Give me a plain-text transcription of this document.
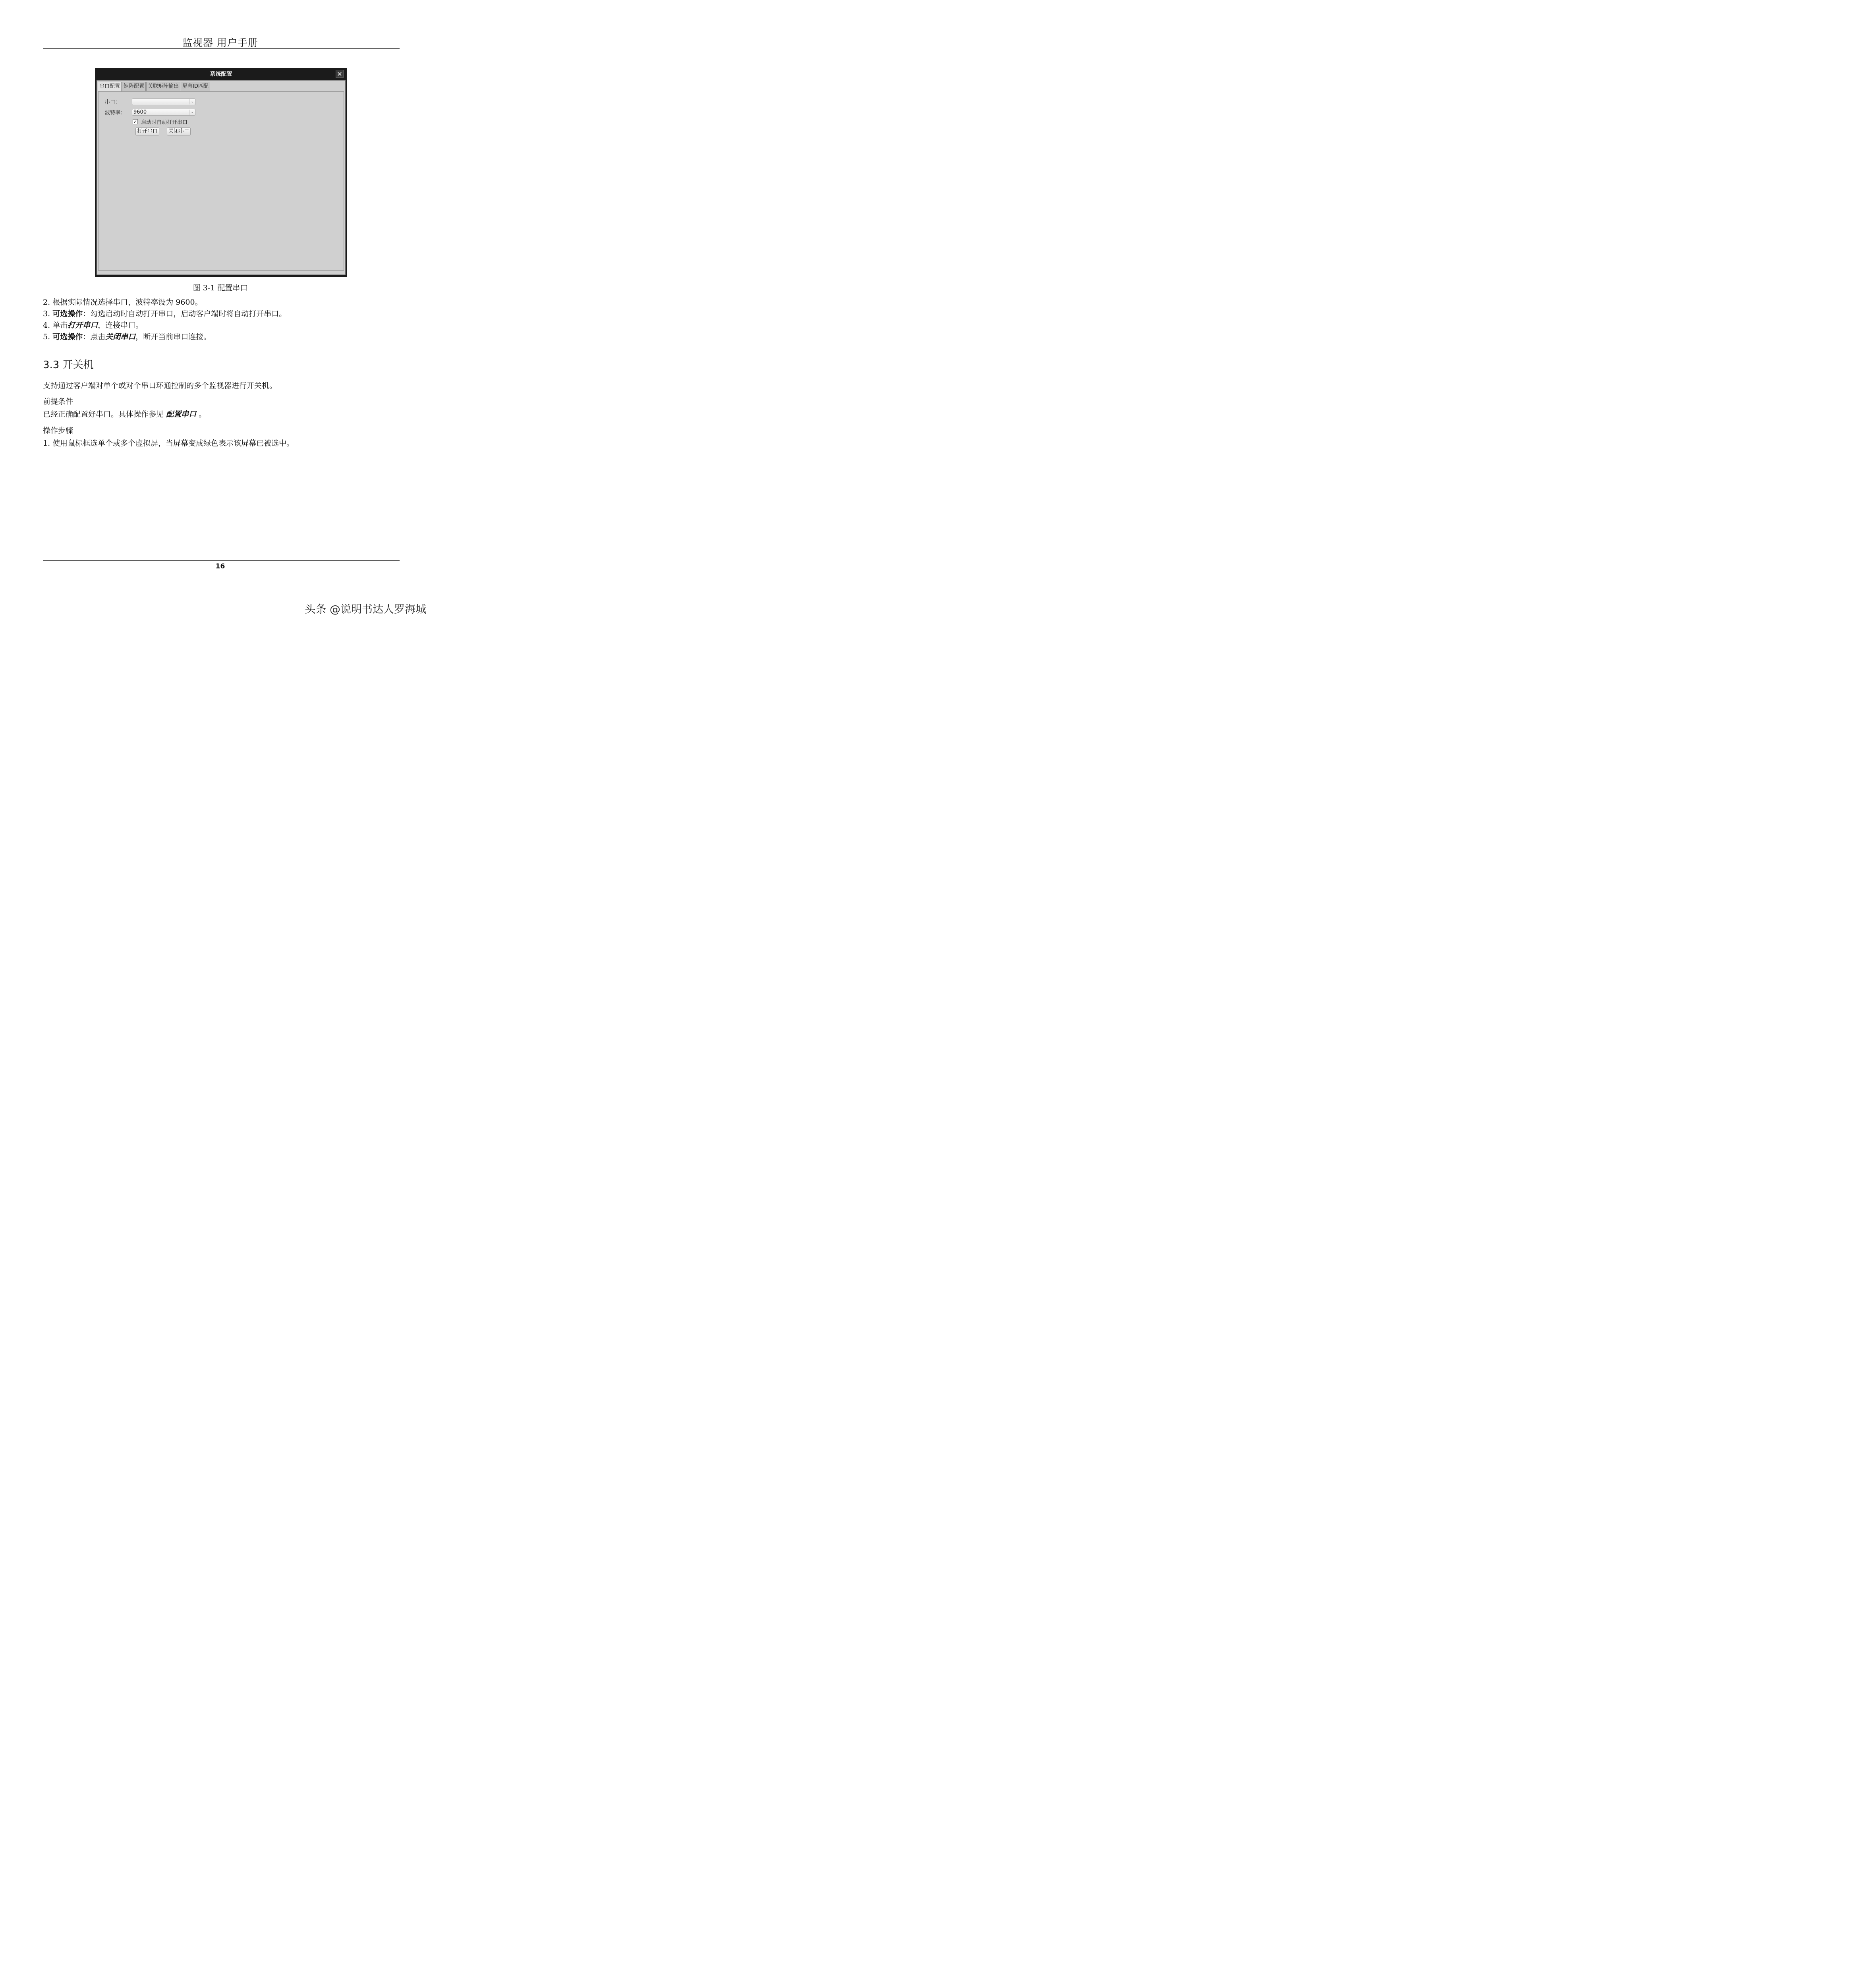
监视器 用户手册
系统配置	✕
串口配置 矩阵配置 关联矩阵输出 屏幕ID匹配
串口：	⌄
波特率：	9600	⌄
✓ 启动时自动打开串口
打开串口	关闭串口
图 3-1 配置串口
2. 根据实际情况选择串口，波特率设为 9600。
3. 可选操作：勾选启动时自动打开串口，启动客户端时将自动打开串口。
4. 单击打开串口，连接串口。
5. 可选操作：点击关闭串口，断开当前串口连接。
3.3 开关机
支持通过客户端对单个或对个串口环通控制的多个监视器进行开关机。
前提条件
已经正确配置好串口。具体操作参见 配置串口 。
操作步骤
1. 使用鼠标框选单个或多个虚拟屏，当屏幕变成绿色表示该屏幕已被选中。
16
头条 @说明书达人罗海城
